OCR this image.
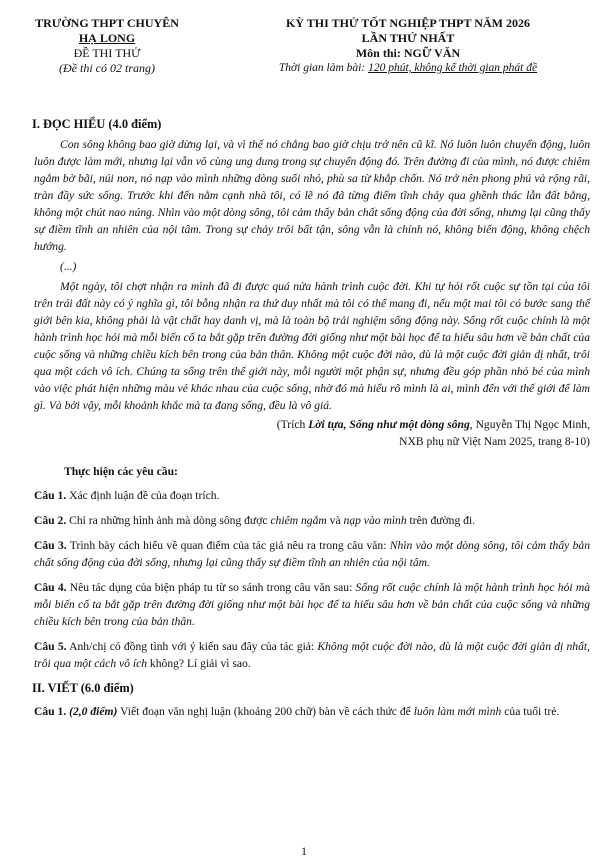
TRƯỜNG THPT CHUYÊN
HẠ LONG
ĐỀ THI THỬ
(Đề thi có 02 trang)
KỲ THI THỬ TỐT NGHIỆP THPT NĂM 2026
LẦN THỨ NHẤT
Môn thi: NGỮ VĂN
Thời gian làm bài: 120 phút, không kể thời gian phát đề
I. ĐỌC HIỂU (4.0 điểm)

Con sông không bao giờ dừng lại, và vì thế nó chẳng bao giờ chịu trở nên cũ kĩ. Nó luôn luôn chuyển động, luôn luôn được làm mới, nhưng lại vẫn vô cùng ung dung trong sự chuyển động đó. Trên đường đi của mình, nó được chiêm ngắm bờ bãi, núi non, nó nạp vào mình những dòng suối nhỏ, phù sa từ khắp chốn. Nó trở nên phong phú và rộng rãi, tràn đầy sức sống. Trước khi đến nằm cạnh nhà tôi, có lẽ nó đã từng điểm tĩnh chảy qua ghềnh thác lẫn đất bằng, không một chút nao núng. Nhìn vào một dòng sông, tôi cảm thấy bản chất sống động của đời sống, nhưng lại cũng thấy sự điềm tĩnh an nhiên của nội tâm. Trong sự chảy trôi bất tận, sông vẫn là chính nó, không biến động, không chệch hướng.

(...)

Một ngày, tôi chợt nhận ra mình đã đi được quá nửa hành trình cuộc đời. Khi tự hỏi rốt cuộc sự tồn tại của tôi trên trái đất này có ý nghĩa gì, tôi bỗng nhận ra thứ duy nhất mà tôi có thể mang đi, nếu một mai tôi có bước sang thế giới bên kia, không phải là vật chất hay danh vị, mà là toàn bộ trải nghiệm sống động này. Sống rốt cuộc chính là một hành trình học hỏi mà mỗi biến cố ta bắt gặp trên đường đời giống như một bài học để ta hiểu sâu hơn về bản chất của cuộc sống và những chiều kích bên trong của bản thân. Không một cuộc đời nào, dù là một cuộc đời giản dị nhất, trôi qua một cách vô ích. Chúng ta sống trên thế giới này, mỗi người một phận sự, nhưng đều góp phần nhỏ bé của mình vào việc phát hiện những màu vẻ khác nhau của cuộc sống, nhờ đó mà hiểu rõ mình là ai, mình đến với thế giới để làm gì. Và bởi vậy, mỗi khoảnh khắc mà ta đang sống, đều là vô giá.

(Trích Lời tựa, Sống như một dòng sông, Nguyễn Thị Ngọc Minh,
NXB phụ nữ Việt Nam 2025, trang 8-10)
Thực hiện các yêu cầu:
Câu 1. Xác định luận đề của đoạn trích.
Câu 2. Chỉ ra những hình ảnh mà dòng sông được chiêm ngắm và nạp vào mình trên đường đi.
Câu 3. Trình bày cách hiểu về quan điểm của tác giả nêu ra trong câu văn: Nhìn vào một dòng sông, tôi cảm thấy bản chất sống động của đời sống, nhưng lại cũng thấy sự điềm tĩnh an nhiên của nội tâm.
Câu 4. Nêu tác dụng của biện pháp tu từ so sánh trong câu văn sau: Sống rốt cuộc chính là một hành trình học hỏi mà mỗi biến cố ta bắt gặp trên đường đời giống như một bài học để ta hiểu sâu hơn về bản chất của cuộc sống và những chiều kích bên trong của bản thân.
Câu 5. Anh/chị có đồng tình với ý kiến sau đây của tác giả: Không một cuộc đời nào, dù là một cuộc đời giản dị nhất, trôi qua một cách vô ích không? Lí giải vì sao.
II. VIẾT (6.0 điểm)
Câu 1. (2,0 điểm) Viết đoạn văn nghị luận (khoảng 200 chữ) bàn về cách thức để luôn làm mới mình của tuổi trẻ.
1
